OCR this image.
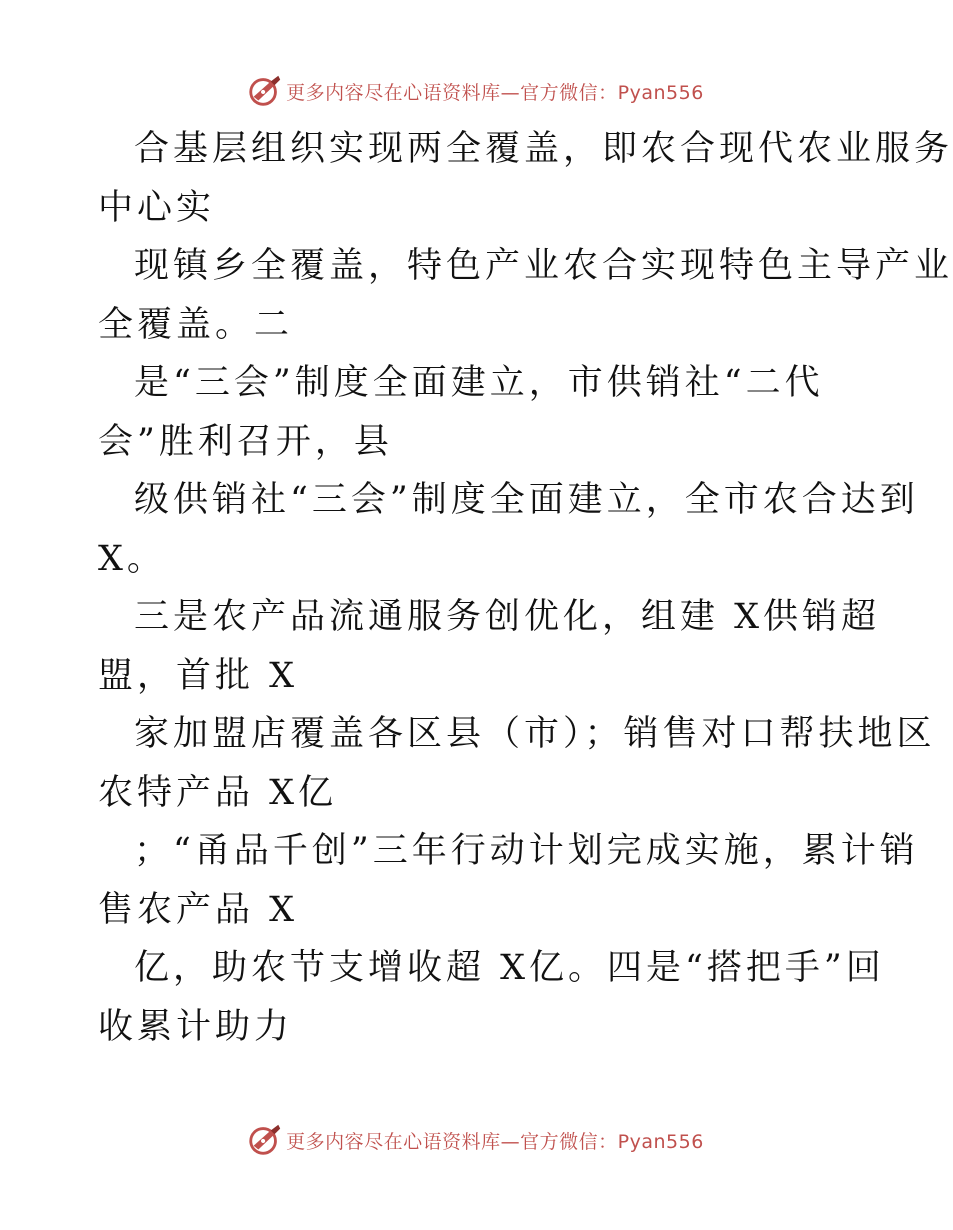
更多内容尽在心语资料库—官方微信：Pyan556
合基层组织实现两全覆盖，即农合现代农业服务
中心实
现镇乡全覆盖，特色产业农合实现特色主导产业
全覆盖。二
是“三会”制度全面建立，市供销社“二代
会”胜利召开，县
级供销社“三会”制度全面建立，全市农合达到
X。
三是农产品流通服务创优化，组建 X供销超
盟，首批 X
家加盟店覆盖各区县（市）；销售对口帮扶地区
农特产品 X亿
；“甬品千创”三年行动计划完成实施，累计销
售农产品 X
亿，助农节支增收超 X亿。四是“搭把手”回
收累计助力
更多内容尽在心语资料库—官方微信：Pyan556
